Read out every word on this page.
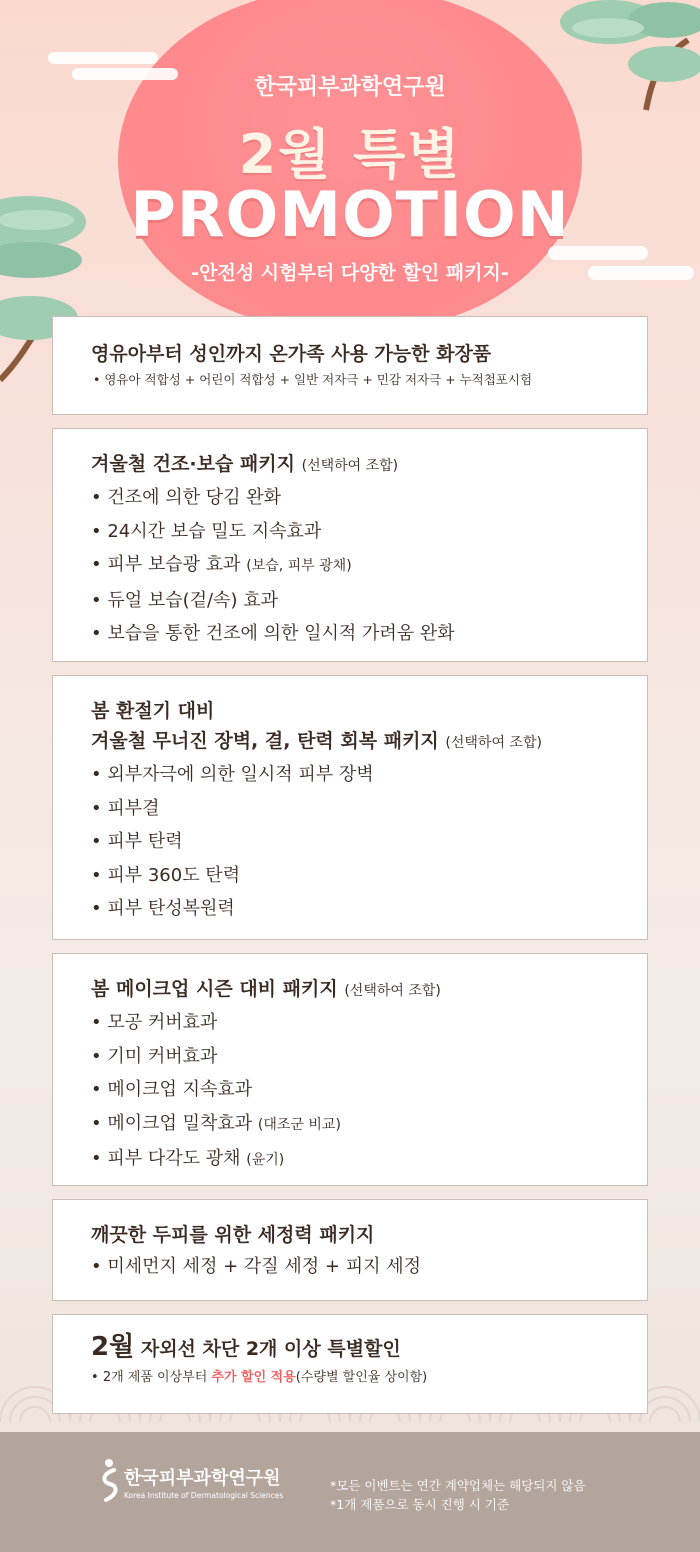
한국피부과학연구원
2월 특별
PROMOTION
-안전성 시험부터 다양한 할인 패키지-
영유아부터 성인까지 온가족 사용 가능한 화장품
• 영유아 적합성 + 어린이 적합성 + 일반 저자극 + 민감 저자극 + 누적첩포시험
겨울철 건조·보습 패키지 (선택하여 조합)
• 건조에 의한 당김 완화
• 24시간 보습 밀도 지속효과
• 피부 보습광 효과 (보습, 피부 광채)
• 듀얼 보습(겉/속) 효과
• 보습을 통한 건조에 의한 일시적 가려움 완화
봄 환절기 대비
겨울철 무너진 장벽, 결, 탄력 회복 패키지 (선택하여 조합)
• 외부자극에 의한 일시적 피부 장벽
• 피부결
• 피부 탄력
• 피부 360도 탄력
• 피부 탄성복원력
봄 메이크업 시즌 대비 패키지 (선택하여 조합)
• 모공 커버효과
• 기미 커버효과
• 메이크업 지속효과
• 메이크업 밀착효과 (대조군 비교)
• 피부 다각도 광채 (윤기)
깨끗한 두피를 위한 세정력 패키지
• 미세먼지 세정 + 각질 세정 + 피지 세정
2월 자외선 차단 2개 이상 특별할인
• 2개 제품 이상부터 추가 할인 적용(수량별 할인율 상이함)
한국피부과학연구원
Korea Institute of Dermatological Sciences
*모든 이벤트는 연간 계약업체는 해당되지 않음
*1개 제품으로 동시 진행 시 기준
